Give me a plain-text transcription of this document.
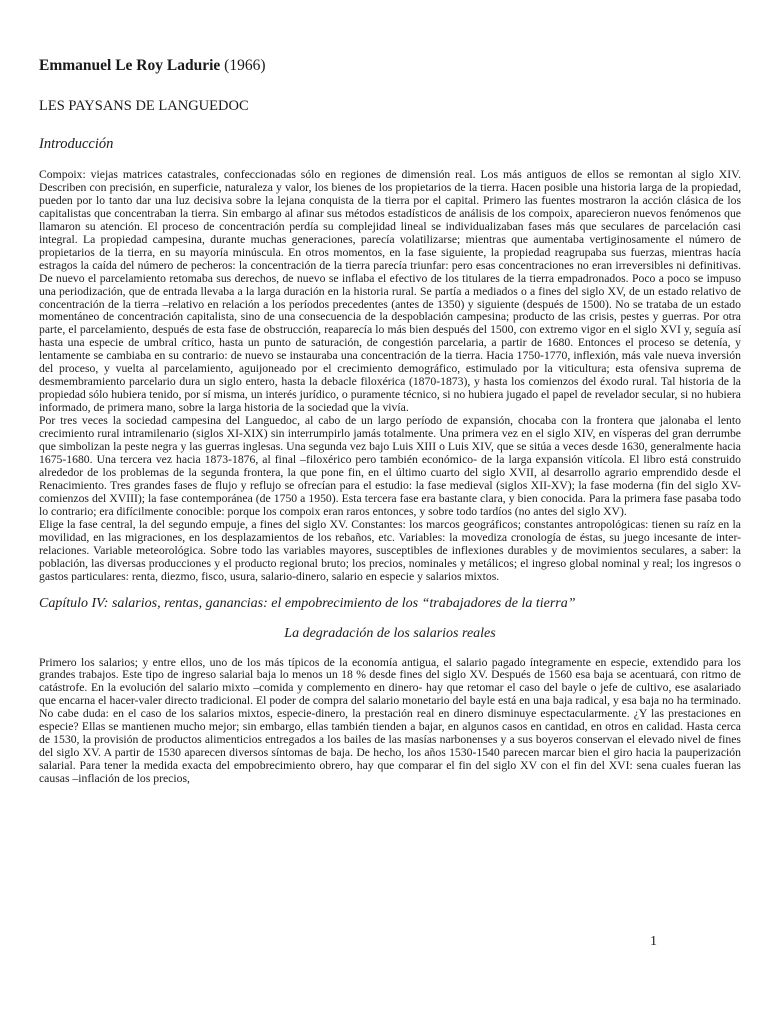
Emmanuel Le Roy Ladurie (1966)

LES PAYSANS DE LANGUEDOC

Introducción

Compoix: viejas matrices catastrales, confeccionadas sólo en regiones de dimensión real. Los más antiguos de ellos se remontan al siglo XIV. Describen con precisión, en superficie, naturaleza y valor, los bienes de los propietarios de la tierra. Hacen posible una historia larga de la propiedad, pueden por lo tanto dar una luz decisiva sobre la lejana conquista de la tierra por el capital. Primero las fuentes mostraron la acción clásica de los capitalistas que concentraban la tierra. Sin embargo al afinar sus métodos estadísticos de análisis de los compoix, aparecieron nuevos fenómenos que llamaron su atención. El proceso de concentración perdía su complejidad lineal se individualizaban fases más que seculares de parcelación casi integral. La propiedad campesina, durante muchas generaciones, parecía volatilizarse; mientras que aumentaba vertiginosamente el número de propietarios de la tierra, en su mayoría minúscula. En otros momentos, en la fase siguiente, la propiedad reagrupaba sus fuerzas, mientras hacía estragos la caída del número de pecheros: la concentración de la tierra parecía triunfar: pero esas concentraciones no eran irreversibles ni definitivas. De nuevo el parcelamiento retomaba sus derechos, de nuevo se inflaba el efectivo de los titulares de la tierra empadronados. Poco a poco se impuso una periodización, que de entrada llevaba a la larga duración en la historia rural. Se partía a mediados o a fines del siglo XV, de un estado relativo de concentración de la tierra –relativo en relación a los períodos precedentes (antes de 1350) y siguiente (después de 1500). No se trataba de un estado momentáneo de concentración capitalista, sino de una consecuencia de la despoblación campesina; producto de las crisis, pestes y guerras. Por otra parte, el parcelamiento, después de esta fase de obstrucción, reaparecía lo más bien después del 1500, con extremo vigor en el siglo XVI y, seguía así hasta una especie de umbral crítico, hasta un punto de saturación, de congestión parcelaria, a partir de 1680. Entonces el proceso se detenía, y lentamente se cambiaba en su contrario: de nuevo se instauraba una concentración de la tierra. Hacia 1750-1770, inflexión, más vale nueva inversión del proceso, y vuelta al parcelamiento, aguijoneado por el crecimiento demográfico, estimulado por la viticultura; esta ofensiva suprema de desmembramiento parcelario dura un siglo entero, hasta la debacle filoxérica (1870-1873), y hasta los comienzos del éxodo rural. Tal historia de la propiedad sólo hubiera tenido, por sí misma, un interés jurídico, o puramente técnico, si no hubiera jugado el papel de revelador secular, si no hubiera informado, de primera mano, sobre la larga historia de la sociedad que la vivía.

Por tres veces la sociedad campesina del Languedoc, al cabo de un largo período de expansión, chocaba con la frontera que jalonaba el lento crecimiento rural intramilenario (siglos XI-XIX) sin interrumpirlo jamás totalmente. Una primera vez en el siglo XIV, en vísperas del gran derrumbe que simbolizan la peste negra y las guerras inglesas. Una segunda vez bajo Luis XIII o Luis XIV, que se sitúa a veces desde 1630, generalmente hacia 1675-1680. Una tercera vez hacia 1873-1876, al final –filoxérico pero también económico- de la larga expansión vitícola. El libro está construido alrededor de los problemas de la segunda frontera, la que pone fin, en el último cuarto del siglo XVII, al desarrollo agrario emprendido desde el Renacimiento. Tres grandes fases de flujo y reflujo se ofrecían para el estudio: la fase medieval (siglos XII-XV); la fase moderna (fin del siglo XV-comienzos del XVIII); la fase contemporánea (de 1750 a 1950). Esta tercera fase era bastante clara, y bien conocida. Para la primera fase pasaba todo lo contrario; era difícilmente conocible: porque los compoix eran raros entonces, y sobre todo tardíos (no antes del siglo XV).

Elige la fase central, la del segundo empuje, a fines del siglo XV. Constantes: los marcos geográficos; constantes antropológicas: tienen su raíz en la movilidad, en las migraciones, en los desplazamientos de los rebaños, etc. Variables: la movediza cronología de éstas, su juego incesante de inter-relaciones. Variable meteorológica. Sobre todo las variables mayores, susceptibles de inflexiones durables y de movimientos seculares, a saber: la población, las diversas producciones y el producto regional bruto; los precios, nominales y metálicos; el ingreso global nominal y real; los ingresos o gastos particulares: renta, diezmo, fisco, usura, salario-dinero, salario en especie y salarios mixtos.

Capítulo IV: salarios, rentas, ganancias: el empobrecimiento de los “trabajadores de la tierra”

La degradación de los salarios reales

Primero los salarios; y entre ellos, uno de los más típicos de la economía antigua, el salario pagado íntegramente en especie, extendido para los grandes trabajos. Este tipo de ingreso salarial baja lo menos un 18 % desde fines del siglo XV. Después de 1560 esa baja se acentuará, con ritmo de catástrofe. En la evolución del salario mixto –comida y complemento en dinero- hay que retomar el caso del bayle o jefe de cultivo, ese asalariado que encarna el hacer-valer directo tradicional. El poder de compra del salario monetario del bayle está en una baja radical, y esa baja no ha terminado. No cabe duda: en el caso de los salarios mixtos, especie-dinero, la prestación real en dinero disminuye espectacularmente. ¿Y las prestaciones en especie? Ellas se mantienen mucho mejor; sin embargo, ellas también tienden a bajar, en algunos casos en cantidad, en otros en calidad. Hasta cerca de 1530, la provisión de productos alimenticios entregados a los bailes de las masías narbonenses y a sus boyeros conservan el elevado nivel de fines del siglo XV. A partir de 1530 aparecen diversos síntomas de baja. De hecho, los años 1530-1540 parecen marcar bien el giro hacia la pauperización salarial. Para tener la medida exacta del empobrecimiento obrero, hay que comparar el fin del siglo XV con el fin del XVI: sena cuales fueran las causas –inflación de los precios,

1
